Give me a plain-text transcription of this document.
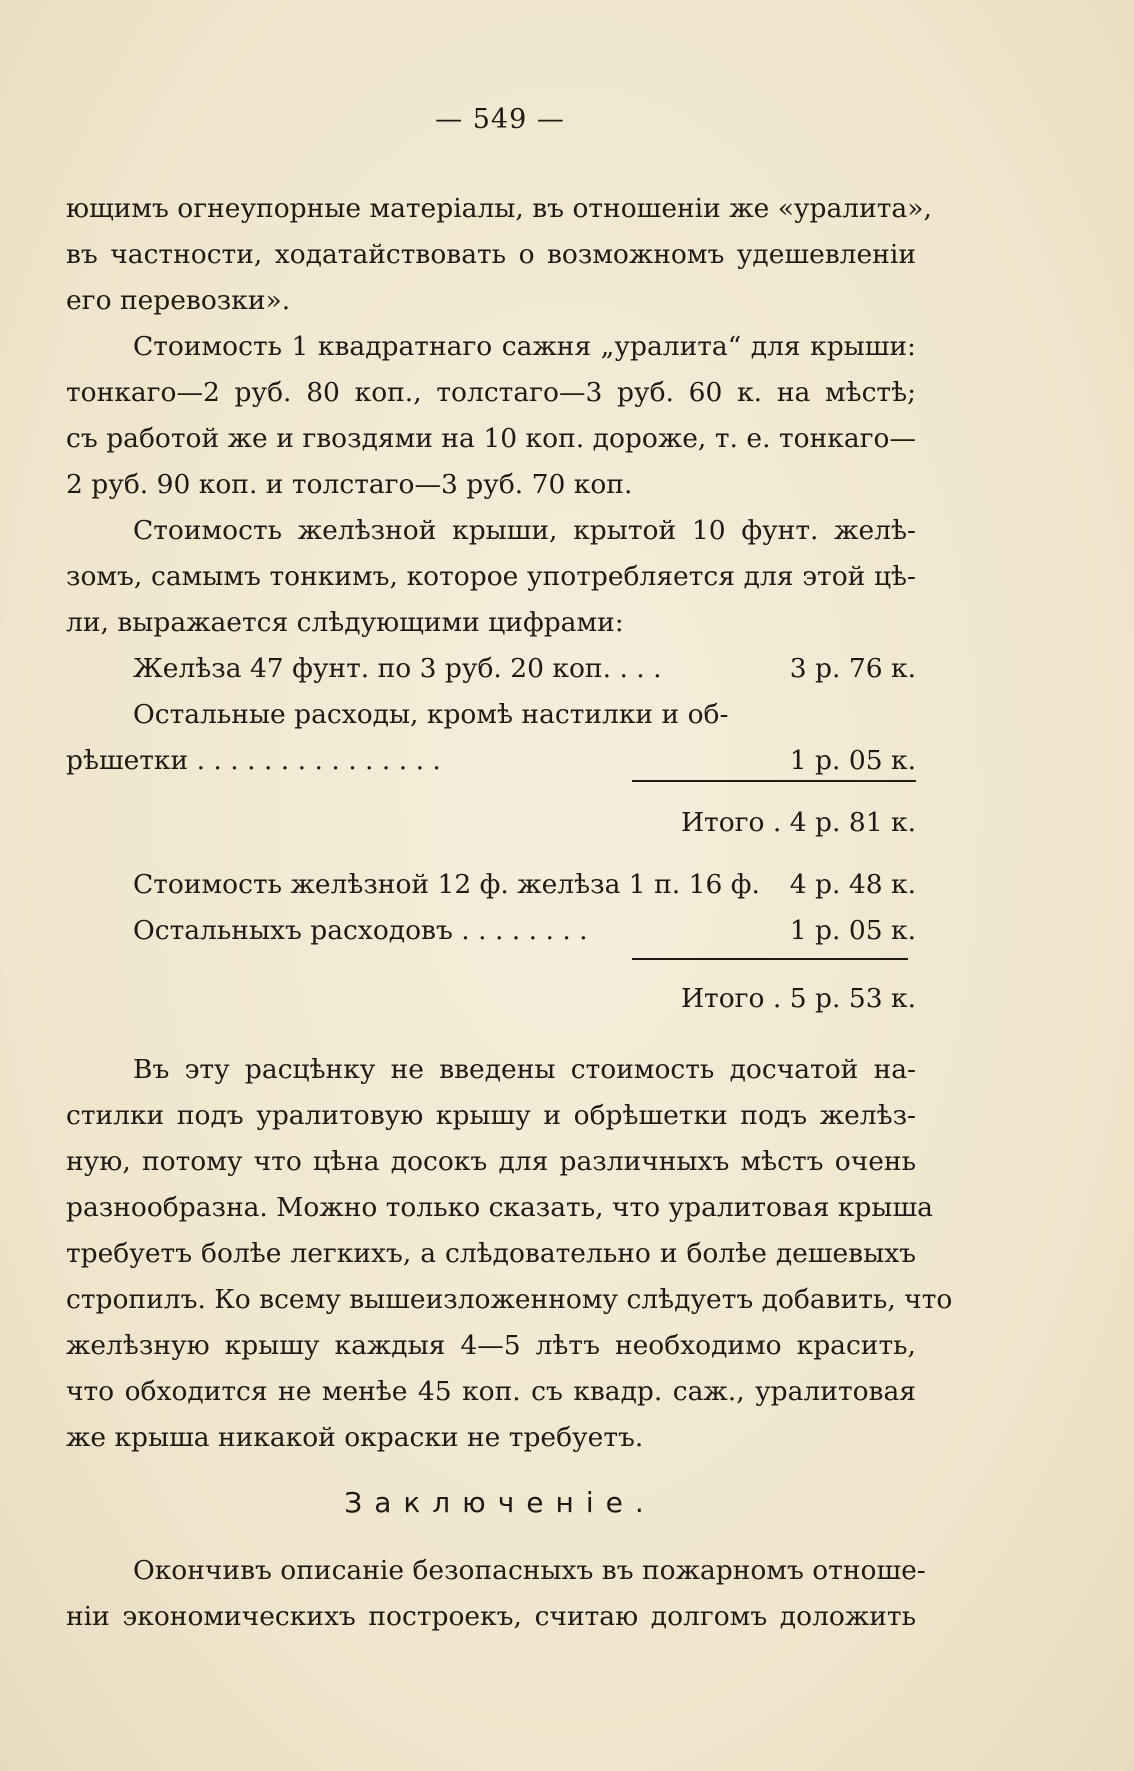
— 549 —
ющимъ огнеупорные матеріалы, въ отношеніи же «уралита»,
въ частности, ходатайствовать о возможномъ удешевленіи
его перевозки».
Стоимость 1 квадратнаго сажня „уралита“ для крыши:
тонкаго—2 руб. 80 коп., толстаго—3 руб. 60 к. на мѣстѣ;
съ работой же и гвоздями на 10 коп. дороже, т. е. тонкаго—
2 руб. 90 коп. и толстаго—3 руб. 70 коп.
Стоимость желѣзной крыши, крытой 10 фунт. желѣ-
зомъ, самымъ тонкимъ, которое употребляется для этой цѣ-
ли, выражается слѣдующими цифрами:
Желѣза 47 фунт. по 3 руб. 20 коп. . . .	3 р. 76 к.
Остальные расходы, кромѣ настилки и об-
рѣшетки . . . . . . . . . . . . . . .	1 р. 05 к.
Итого . 4 р. 81 к.
Стоимость желѣзной 12 ф. желѣза 1 п. 16 ф.	4 р. 48 к.
Остальныхъ расходовъ . . . . . . . .	1 р. 05 к.
Итого . 5 р. 53 к.
Въ эту расцѣнку не введены стоимость досчатой на-
стилки подъ уралитовую крышу и обрѣшетки подъ желѣз-
ную, потому что цѣна досокъ для различныхъ мѣстъ очень
разнообразна. Можно только сказать, что уралитовая крыша
требуетъ болѣе легкихъ, а слѣдовательно и болѣе дешевыхъ
стропилъ. Ко всему вышеизложенному слѣдуетъ добавить, что
желѣзную крышу каждыя 4—5 лѣтъ необходимо красить,
что обходится не менѣе 45 коп. съ квадр. саж., уралитовая
же крыша никакой окраски не требуетъ.
Заключеніе.
Окончивъ описаніе безопасныхъ въ пожарномъ отноше-
ніи экономическихъ построекъ, считаю долгомъ доложить
